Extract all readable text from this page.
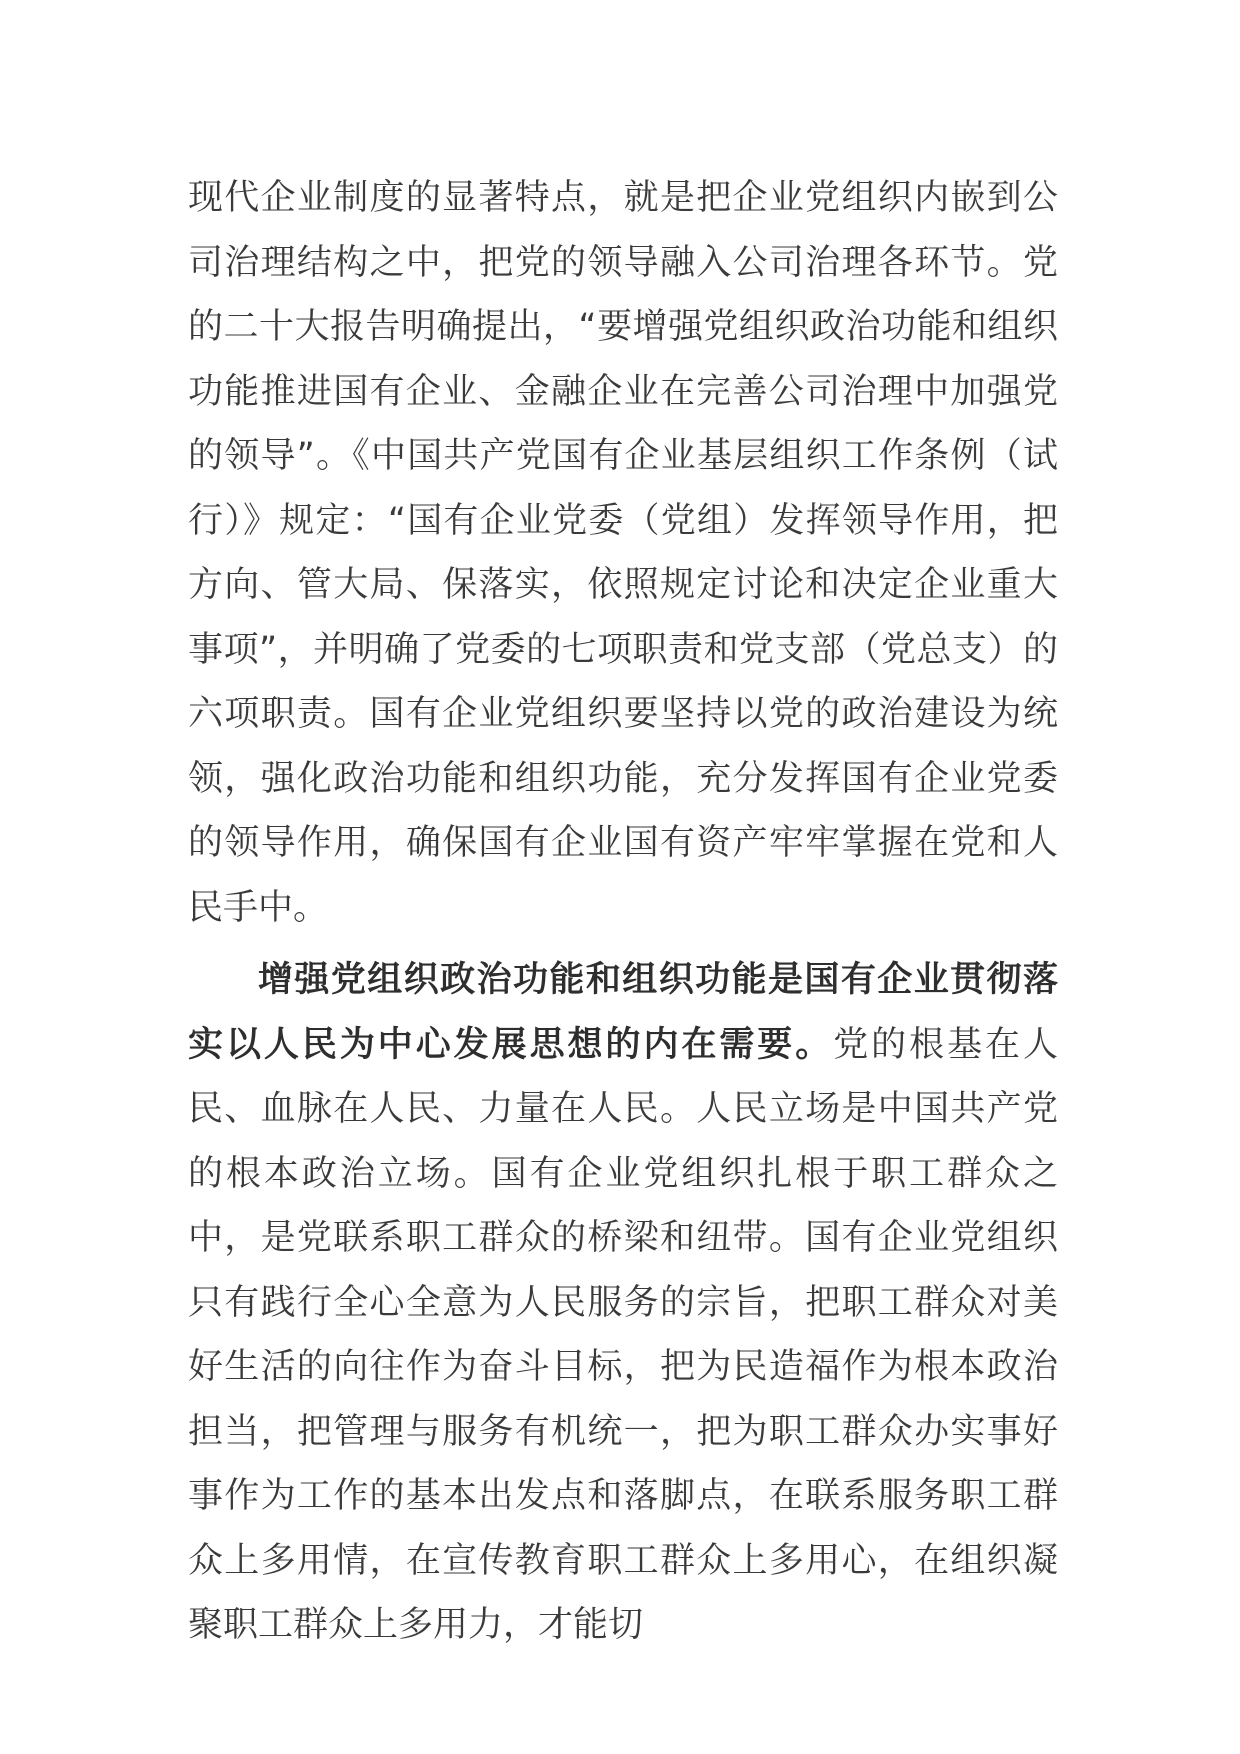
现代企业制度的显著特点，就是把企业党组织内嵌到公司治理结构之中，把党的领导融入公司治理各环节。党的二十大报告明确提出，“要增强党组织政治功能和组织功能推进国有企业、金融企业在完善公司治理中加强党的领导”。《中国共产党国有企业基层组织工作条例（试行）》规定：“国有企业党委（党组）发挥领导作用，把方向、管大局、保落实，依照规定讨论和决定企业重大事项”，并明确了党委的七项职责和党支部（党总支）的六项职责。国有企业党组织要坚持以党的政治建设为统领，强化政治功能和组织功能，充分发挥国有企业党委的领导作用，确保国有企业国有资产牢牢掌握在党和人民手中。

增强党组织政治功能和组织功能是国有企业贯彻落实以人民为中心发展思想的内在需要。党的根基在人民、血脉在人民、力量在人民。人民立场是中国共产党的根本政治立场。国有企业党组织扎根于职工群众之中，是党联系职工群众的桥梁和纽带。国有企业党组织只有践行全心全意为人民服务的宗旨，把职工群众对美好生活的向往作为奋斗目标，把为民造福作为根本政治担当，把管理与服务有机统一，把为职工群众办实事好事作为工作的基本出发点和落脚点，在联系服务职工群众上多用情，在宣传教育职工群众上多用心，在组织凝聚职工群众上多用力，才能切
